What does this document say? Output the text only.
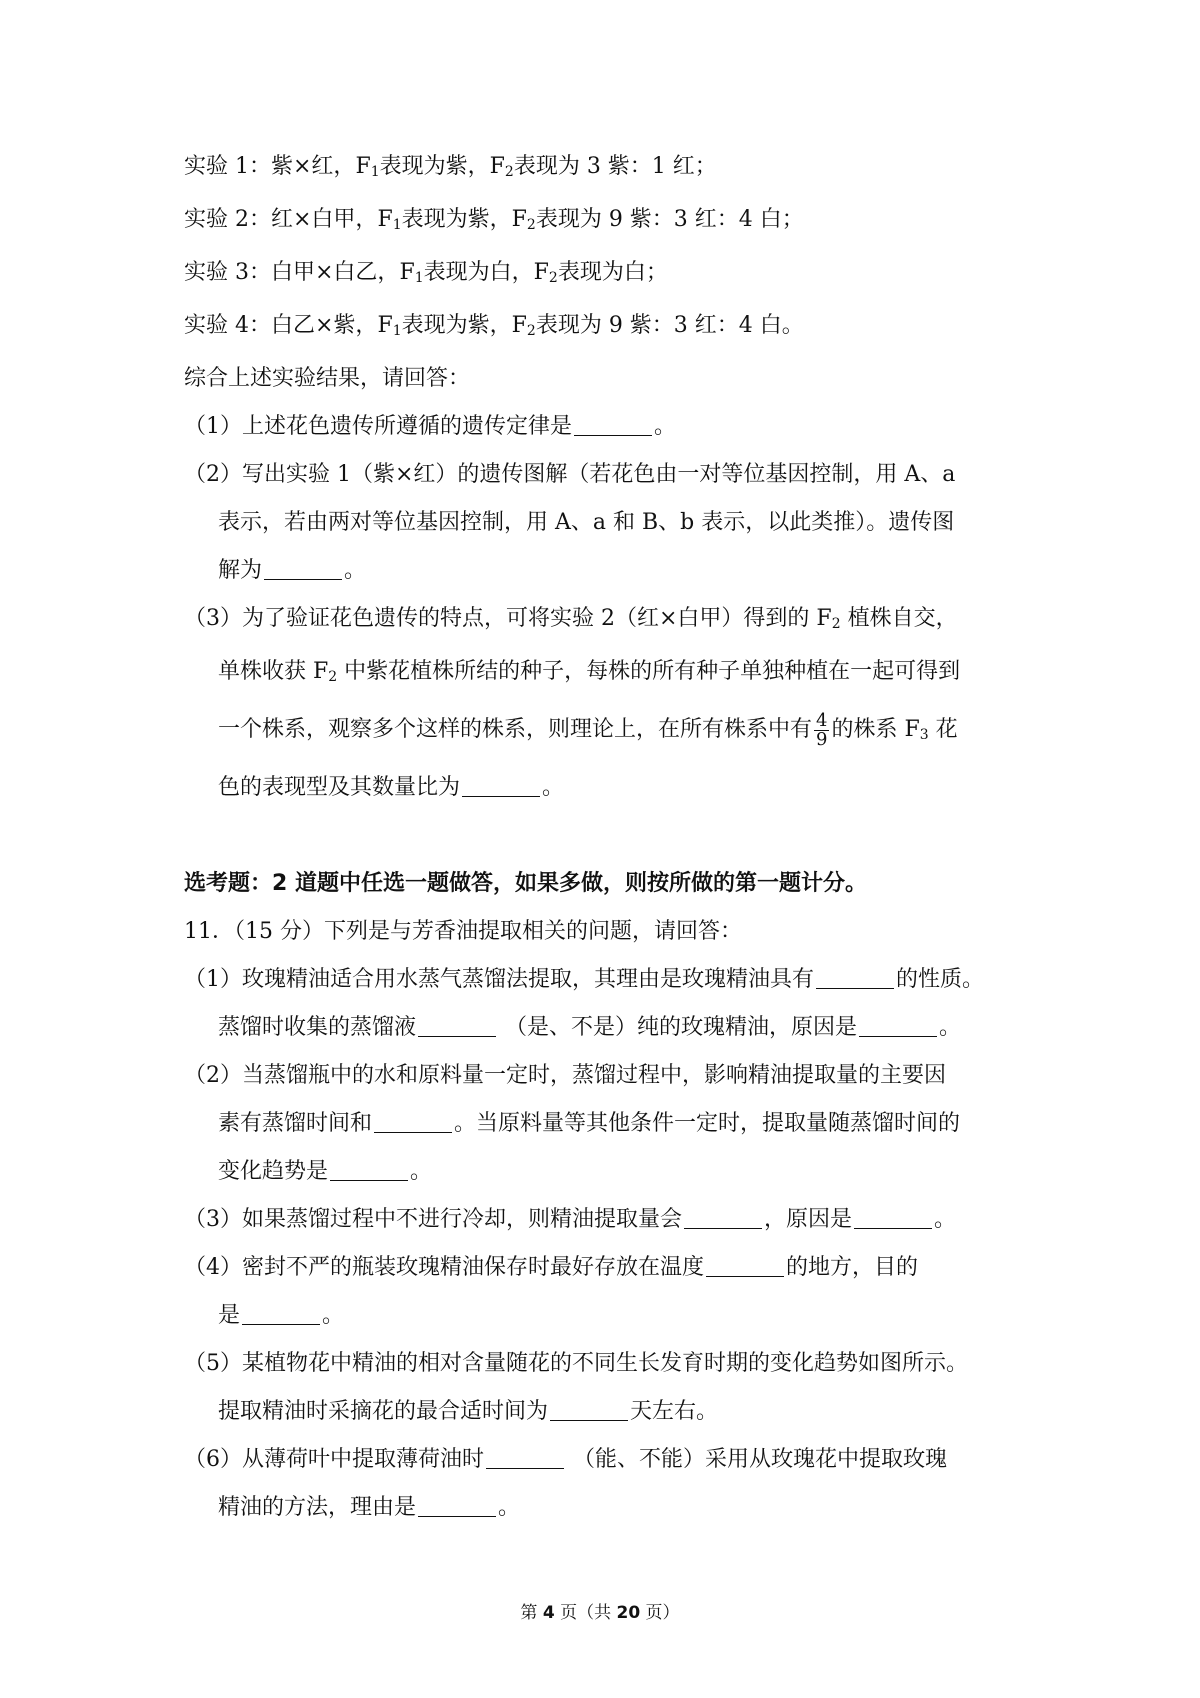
实验 1：紫×红，$F_1$表现为紫，$F_2$表现为 3 紫：1 红；
实验 2：红×白甲，$F_1$表现为紫，$F_2$表现为 9 紫：3 红：4 白；
实验 3：白甲×白乙，$F_1$表现为白，$F_2$表现为白；
实验 4：白乙×紫，$F_1$表现为紫，$F_2$表现为 9 紫：3 红：4 白。
综合上述实验结果，请回答：
（1）上述花色遗传所遵循的遗传定律是	。
（2）写出实验 1（紫×红）的遗传图解（若花色由一对等位基因控制，用 A、a
表示，若由两对等位基因控制，用 A、a 和 B、b 表示，以此类推）。遗传图
解为	。
（3）为了验证花色遗传的特点，可将实验 2（红×白甲）得到的 $F_2$ 植株自交，
单株收获 $F_2$ 中紫花植株所结的种子，每株的所有种子单独种植在一起可得到
一个株系，观察多个这样的株系，则理论上，在所有株系中有 $\frac{4}{9}$ 的株系 $F_3$ 花
色的表现型及其数量比为	。
选考题：2 道题中任选一题做答，如果多做，则按所做的第一题计分。
11．（15 分）下列是与芳香油提取相关的问题，请回答：
（1）玫瑰精油适合用水蒸气蒸馏法提取，其理由是玫瑰精油具有	的性质。
蒸馏时收集的蒸馏液	（是、不是）纯的玫瑰精油，原因是	。
（2）当蒸馏瓶中的水和原料量一定时，蒸馏过程中，影响精油提取量的主要因
素有蒸馏时间和	。当原料量等其他条件一定时，提取量随蒸馏时间的
变化趋势是	。
（3）如果蒸馏过程中不进行冷却，则精油提取量会	，原因是	。
（4）密封不严的瓶装玫瑰精油保存时最好存放在温度	的地方，目的
是	。
（5）某植物花中精油的相对含量随花的不同生长发育时期的变化趋势如图所示。
提取精油时采摘花的最合适时间为	天左右。
（6）从薄荷叶中提取薄荷油时	（能、不能）采用从玫瑰花中提取玫瑰
精油的方法，理由是	。
第 4 页（共 20 页）
